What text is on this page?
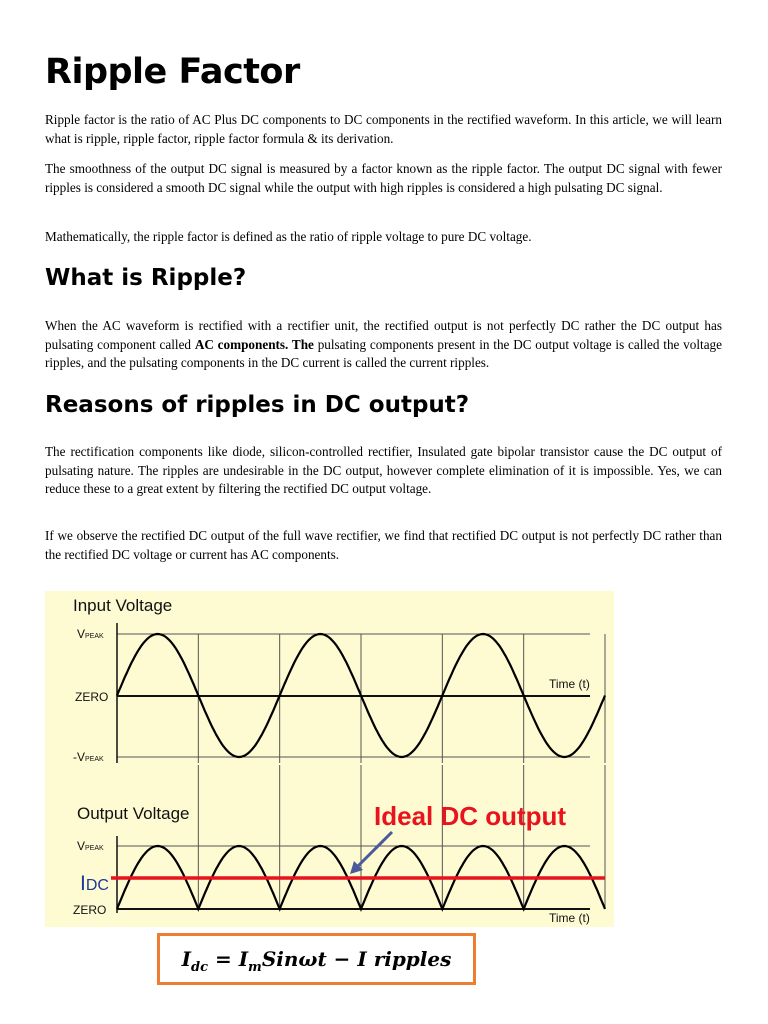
Ripple Factor

Ripple factor is the ratio of AC Plus DC components to DC components in the rectified waveform. In this article, we will learn what is ripple, ripple factor, ripple factor formula & its derivation.

The smoothness of the output DC signal is measured by a factor known as the ripple factor. The output DC signal with fewer ripples is considered a smooth DC signal while the output with high ripples is considered a high pulsating DC signal.

Mathematically, the ripple factor is defined as the ratio of ripple voltage to pure DC voltage.

What is Ripple?

When the AC waveform is rectified with a rectifier unit, the rectified output is not perfectly DC rather the DC output has pulsating component called AC components. The pulsating components present in the DC output voltage is called the voltage ripples, and the pulsating components in the DC current is called the current ripples.

Reasons of ripples in DC output?

The rectification components like diode, silicon-controlled rectifier, Insulated gate bipolar transistor cause the DC output of pulsating nature. The ripples are undesirable in the DC output, however complete elimination of it is impossible. Yes, we can reduce these to a great extent by filtering the rectified DC output voltage.

If we observe the rectified DC output of the full wave rectifier, we find that rectified DC output is not perfectly DC rather than the rectified DC voltage or current has AC components.

Input Voltage
VPEAK
ZERO
-VPEAK
Time (t)
Output Voltage
VPEAK
ZERO
Time (t)
IDC
Ideal DC output
$I_{dc} = I_mSin\omega t - I$ ripples
